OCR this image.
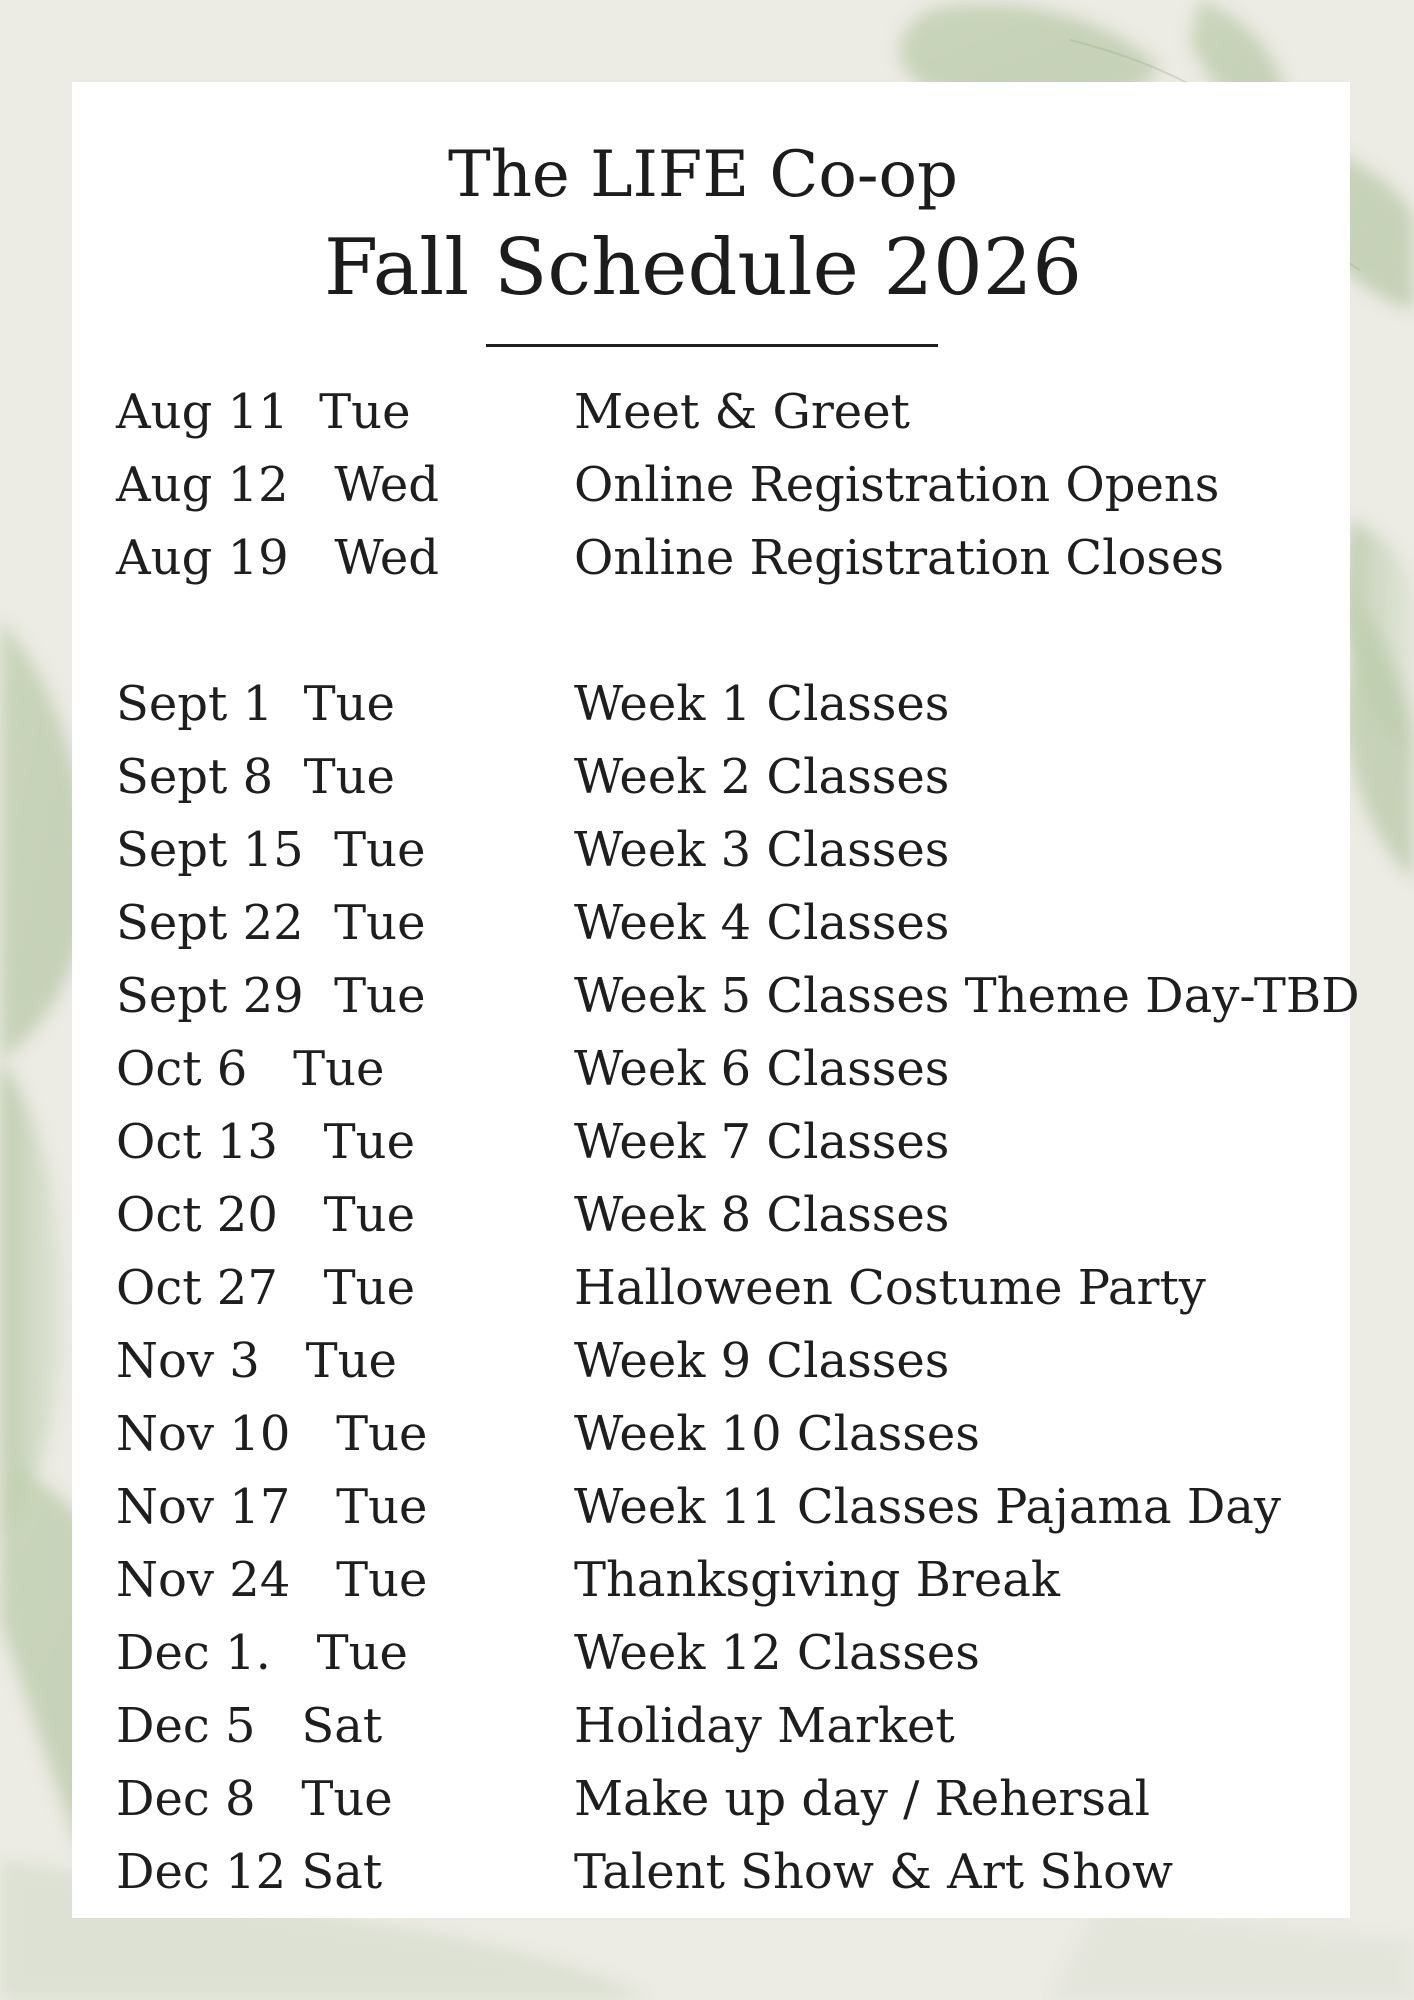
The LIFE Co-op
Fall Schedule 2026
Aug 11  Tue	Meet & Greet
Aug 12   Wed	Online Registration Opens
Aug 19   Wed	Online Registration Closes
Sept 1  Tue	Week 1 Classes
Sept 8  Tue	Week 2 Classes
Sept 15  Tue	Week 3 Classes
Sept 22  Tue	Week 4 Classes
Sept 29  Tue	Week 5 Classes Theme Day-TBD
Oct 6   Tue	Week 6 Classes
Oct 13   Tue	Week 7 Classes
Oct 20   Tue	Week 8 Classes
Oct 27   Tue	Halloween Costume Party
Nov 3   Tue	Week 9 Classes
Nov 10   Tue	Week 10 Classes
Nov 17   Tue	Week 11 Classes Pajama Day
Nov 24   Tue	Thanksgiving Break
Dec 1.   Tue	Week 12 Classes
Dec 5   Sat	Holiday Market
Dec 8   Tue	Make up day / Rehersal
Dec 12 Sat	Talent Show & Art Show
